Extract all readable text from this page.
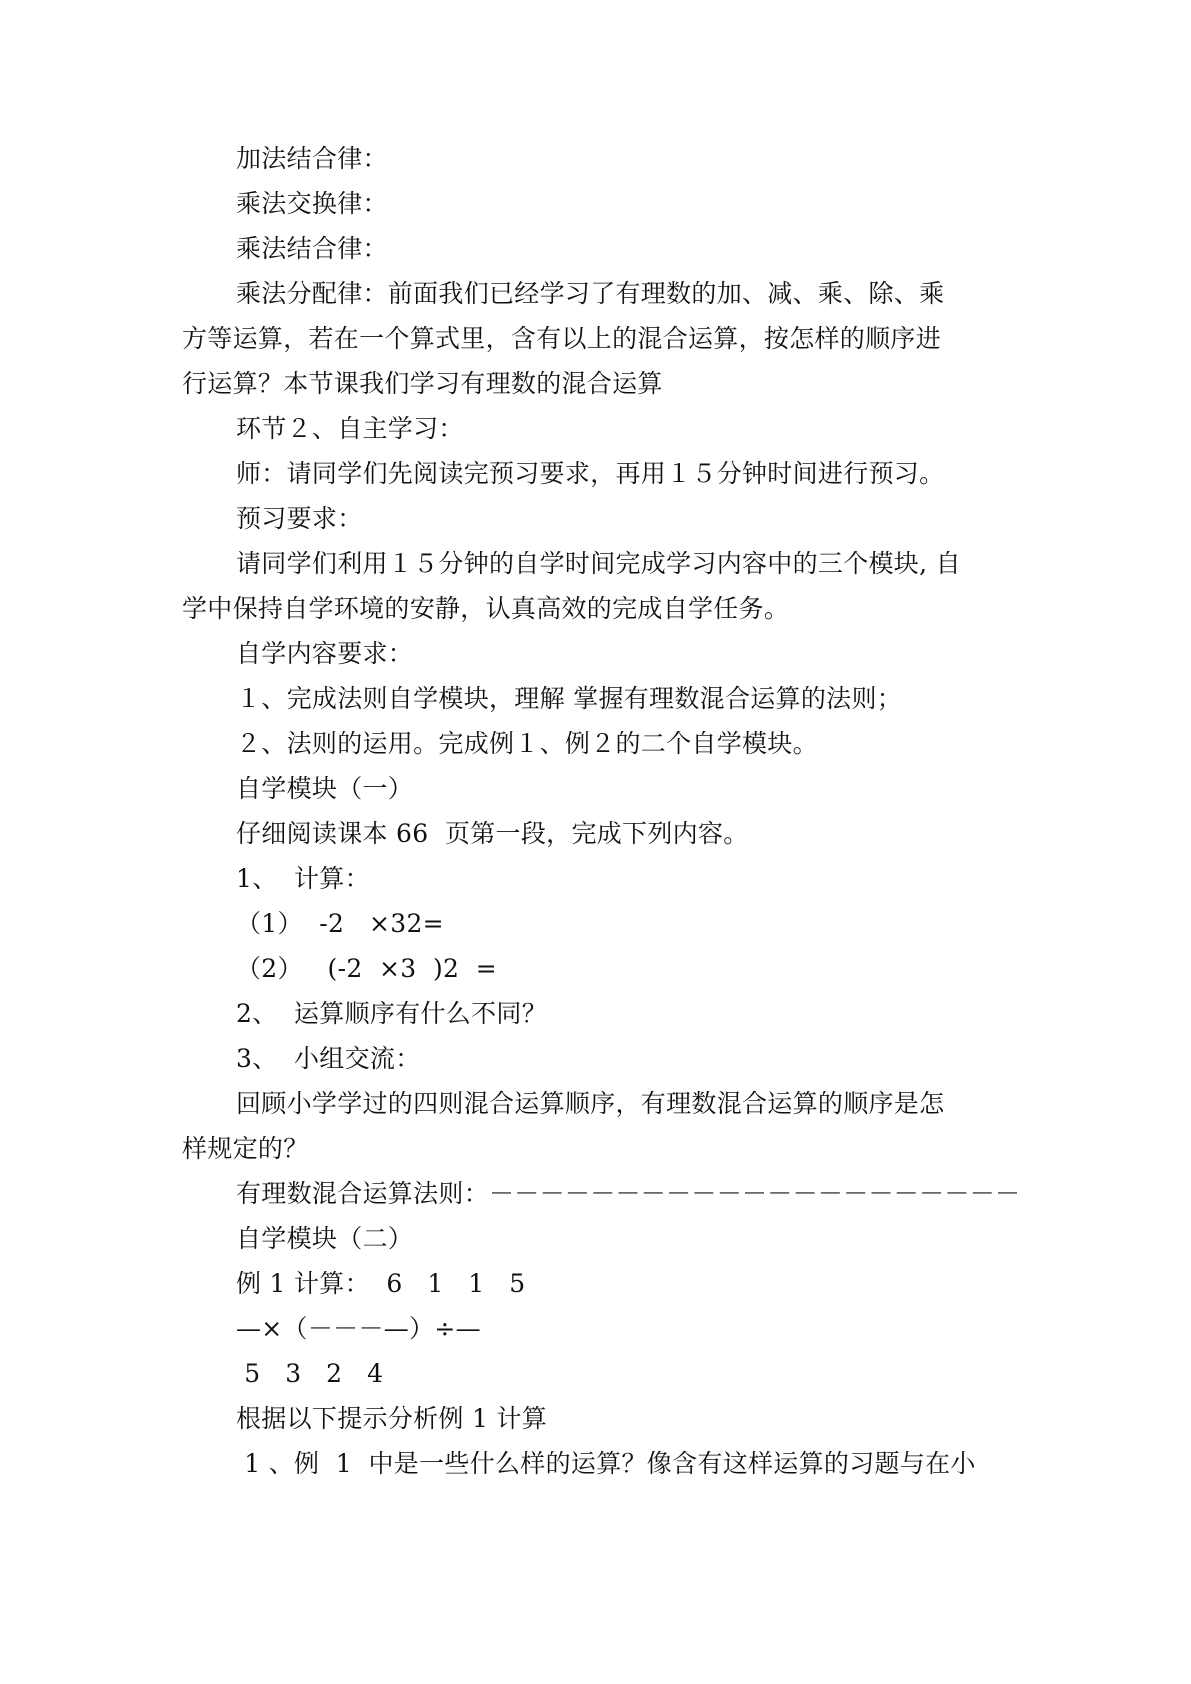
加法结合律：
乘法交换律：
乘法结合律：
乘法分配律：前面我们已经学习了有理数的加、减、乘、除、乘
方等运算，若在一个算式里，含有以上的混合运算，按怎样的顺序进
行运算？本节课我们学习有理数的混合运算
环节２、自主学习：
师：请同学们先阅读完预习要求，再用１５分钟时间进行预习。
预习要求：
请同学们利用１５分钟的自学时间完成学习内容中的三个模块, 自
学中保持自学环境的安静，认真高效的完成自学任务。
自学内容要求：
１、完成法则自学模块，理解 掌握有理数混合运算的法则；
２、法则的运用。完成例１、例２的二个自学模块。
自学模块（一）
仔细阅读课本 66  页第一段，完成下列内容。
1、  计算：
（1）  -2   ×32=
（2）   (-2  ×3  )2  =
2、  运算顺序有什么不同？
3、  小组交流：
回顾小学学过的四则混合运算顺序，有理数混合运算的顺序是怎
样规定的？
有理数混合运算法则：－－－－－－－－－－－－－－－－－－－－－
自学模块（二）
例 1 计算：  6   1   1   5
—×（－－－—）÷—
5   3   2   4
根据以下提示分析例 1 计算
1 、例  1  中是一些什么样的运算？像含有这样运算的习题与在小
